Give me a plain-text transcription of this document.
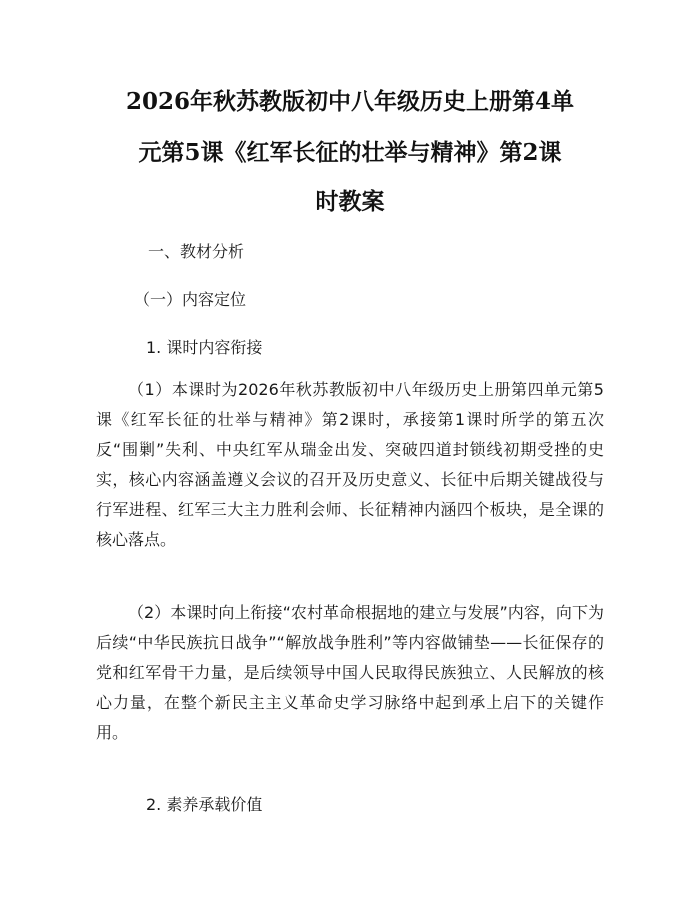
2026年秋苏教版初中八年级历史上册第4单
元第5课《红军长征的壮举与精神》第2课
时教案
一、教材分析
（一）内容定位
1. 课时内容衔接

（1）本课时为2026年秋苏教版初中八年级历史上册第四单元第5课《红军长征的壮举与精神》第2课时，承接第1课时所学的第五次反“围剿”失利、中央红军从瑞金出发、突破四道封锁线初期受挫的史实，核心内容涵盖遵义会议的召开及历史意义、长征中后期关键战役与行军进程、红军三大主力胜利会师、长征精神内涵四个板块，是全课的核心落点。

（2）本课时向上衔接“农村革命根据地的建立与发展”内容，向下为后续“中华民族抗日战争”“解放战争胜利”等内容做铺垫——长征保存的党和红军骨干力量，是后续领导中国人民取得民族独立、人民解放的核心力量，在整个新民主主义革命史学习脉络中起到承上启下的关键作用。

2. 素养承载价值
